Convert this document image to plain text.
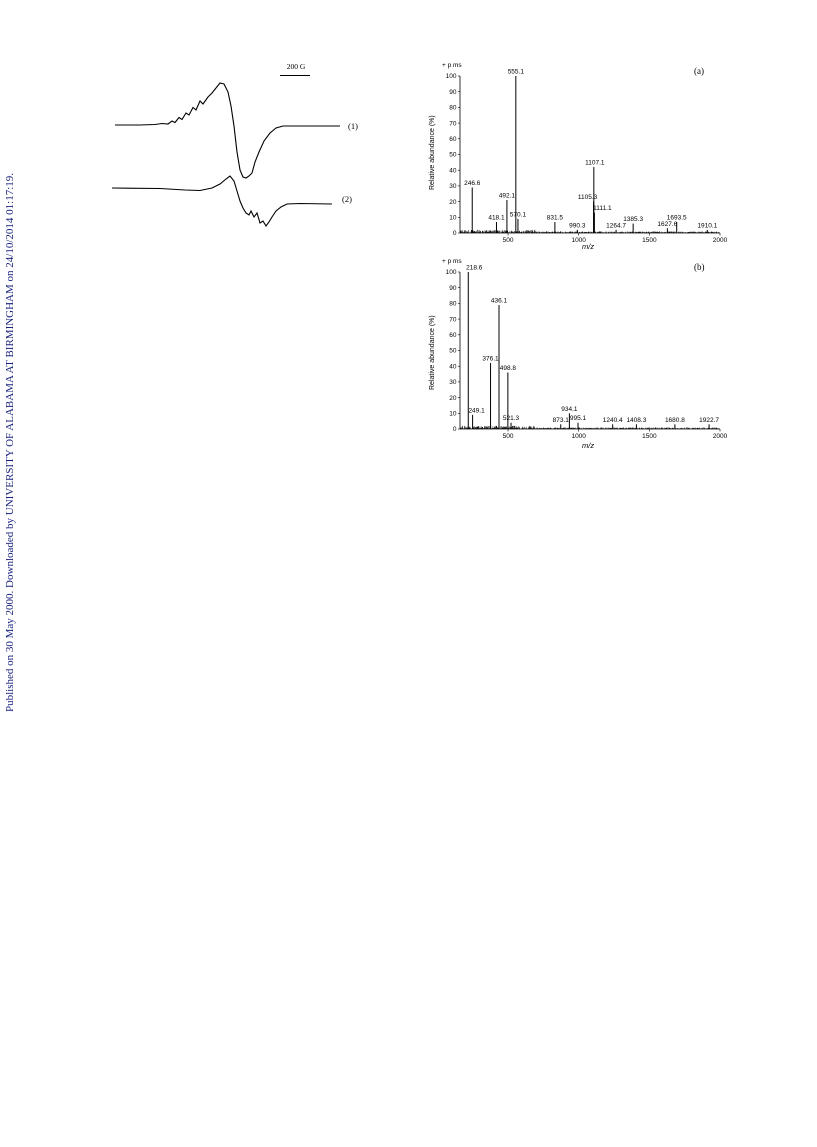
Published on 30 May 2000. Downloaded by UNIVERSITY OF ALABAMA AT BIRMINGHAM on 24/10/2014 01:17:19.
200 G
(1)
(2)
+ p ms
(a)
Relative abundance (%)
0
10
20
30
40
50
60
70
80
90
100
500	1000	1500	2000
246.6
418.1
492.1
555.1
570.1	831.5
990.3
1105.3
1107.1
1111.1
1264.7
1385.3
1627.6
1693.5
1910.1
m/z
+ p ms
(b)
Relative abundance (%)
0
10
20
30
40
50
60
70
80
90
100
500	1000	1500	2000
218.6
249.1
376.1
436.1
498.8
521.3	873.1
934.1
995.1	1240.4 1408.3	1680.8 1922.7
m/z
